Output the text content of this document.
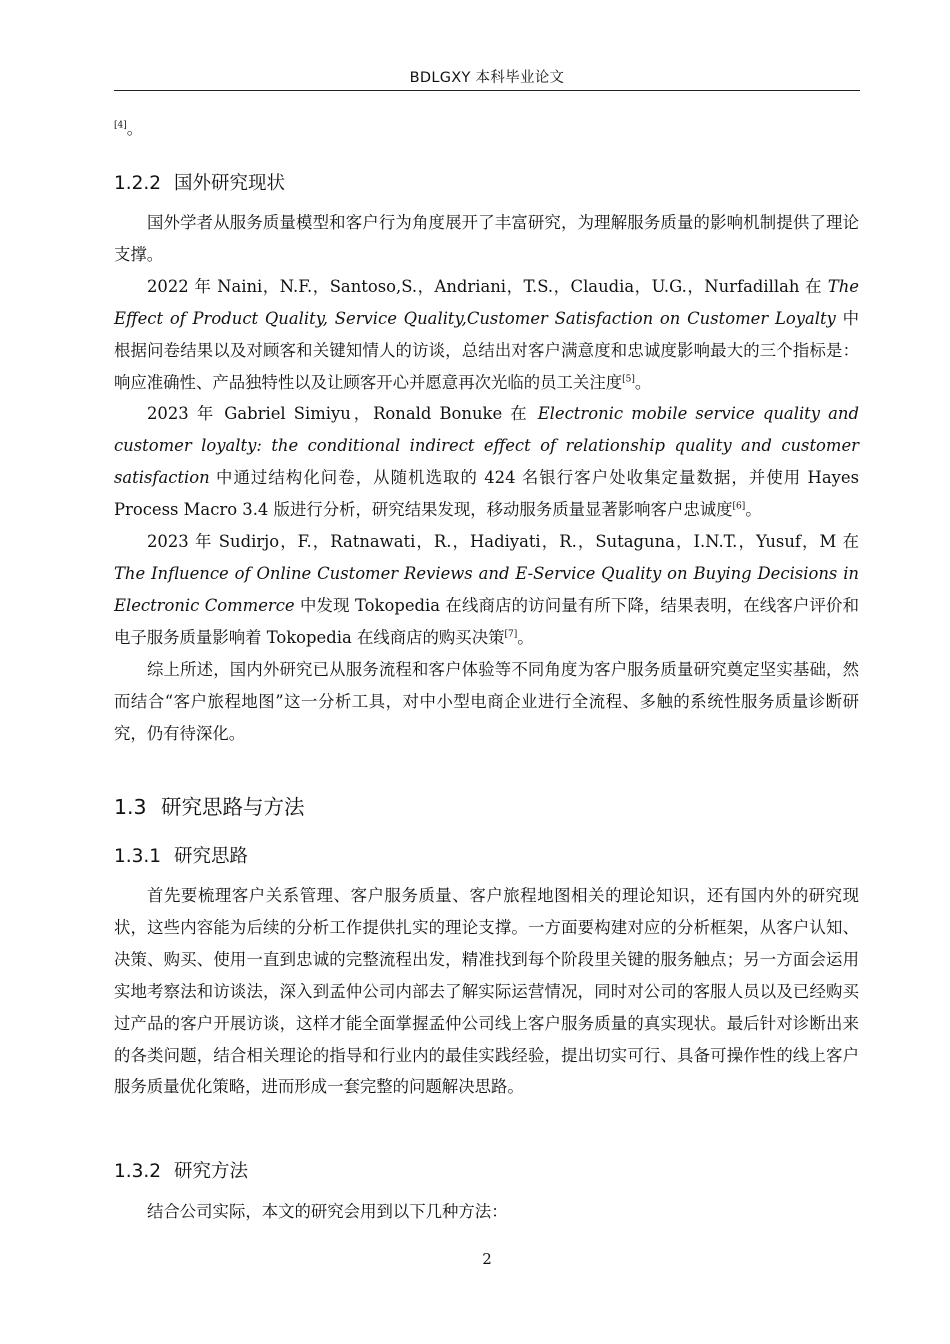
BDLGXY 本科毕业论文
[4]。
1.2.2 国外研究现状

国外学者从服务质量模型和客户行为角度展开了丰富研究，为理解服务质量的影响机制提供了理论支撑。

2022 年 Naini，N.F.，Santoso,S.，Andriani，T.S.，Claudia，U.G.，Nurfadillah 在 The Effect of Product Quality, Service Quality,Customer Satisfaction on Customer Loyalty 中根据问卷结果以及对顾客和关键知情人的访谈，总结出对客户满意度和忠诚度影响最大的三个指标是：响应准确性、产品独特性以及让顾客开心并愿意再次光临的员工关注度[5]。

2023 年 Gabriel Simiyu，Ronald Bonuke 在 Electronic mobile service quality and customer loyalty: the conditional indirect effect of relationship quality and customer satisfaction 中通过结构化问卷，从随机选取的 424 名银行客户处收集定量数据，并使用 Hayes Process Macro 3.4 版进行分析，研究结果发现，移动服务质量显著影响客户忠诚度[6]。

2023 年 Sudirjo，F.，Ratnawati，R.，Hadiyati，R.，Sutaguna，I.N.T.，Yusuf，M 在 The Influence of Online Customer Reviews and E-Service Quality on Buying Decisions in Electronic Commerce 中发现 Tokopedia 在线商店的访问量有所下降，结果表明，在线客户评价和电子服务质量影响着 Tokopedia 在线商店的购买决策[7]。

综上所述，国内外研究已从服务流程和客户体验等不同角度为客户服务质量研究奠定坚实基础，然而结合“客户旅程地图”这一分析工具，对中小型电商企业进行全流程、多触的系统性服务质量诊断研究，仍有待深化。

1.3 研究思路与方法
1.3.1 研究思路

首先要梳理客户关系管理、客户服务质量、客户旅程地图相关的理论知识，还有国内外的研究现状，这些内容能为后续的分析工作提供扎实的理论支撑。一方面要构建对应的分析框架，从客户认知、决策、购买、使用一直到忠诚的完整流程出发，精准找到每个阶段里关键的服务触点；另一方面会运用实地考察法和访谈法，深入到孟仲公司内部去了解实际运营情况，同时对公司的客服人员以及已经购买过产品的客户开展访谈，这样才能全面掌握孟仲公司线上客户服务质量的真实现状。最后针对诊断出来的各类问题，结合相关理论的指导和行业内的最佳实践经验，提出切实可行、具备可操作性的线上客户服务质量优化策略，进而形成一套完整的问题解决思路。

1.3.2 研究方法

结合公司实际，本文的研究会用到以下几种方法：

2
